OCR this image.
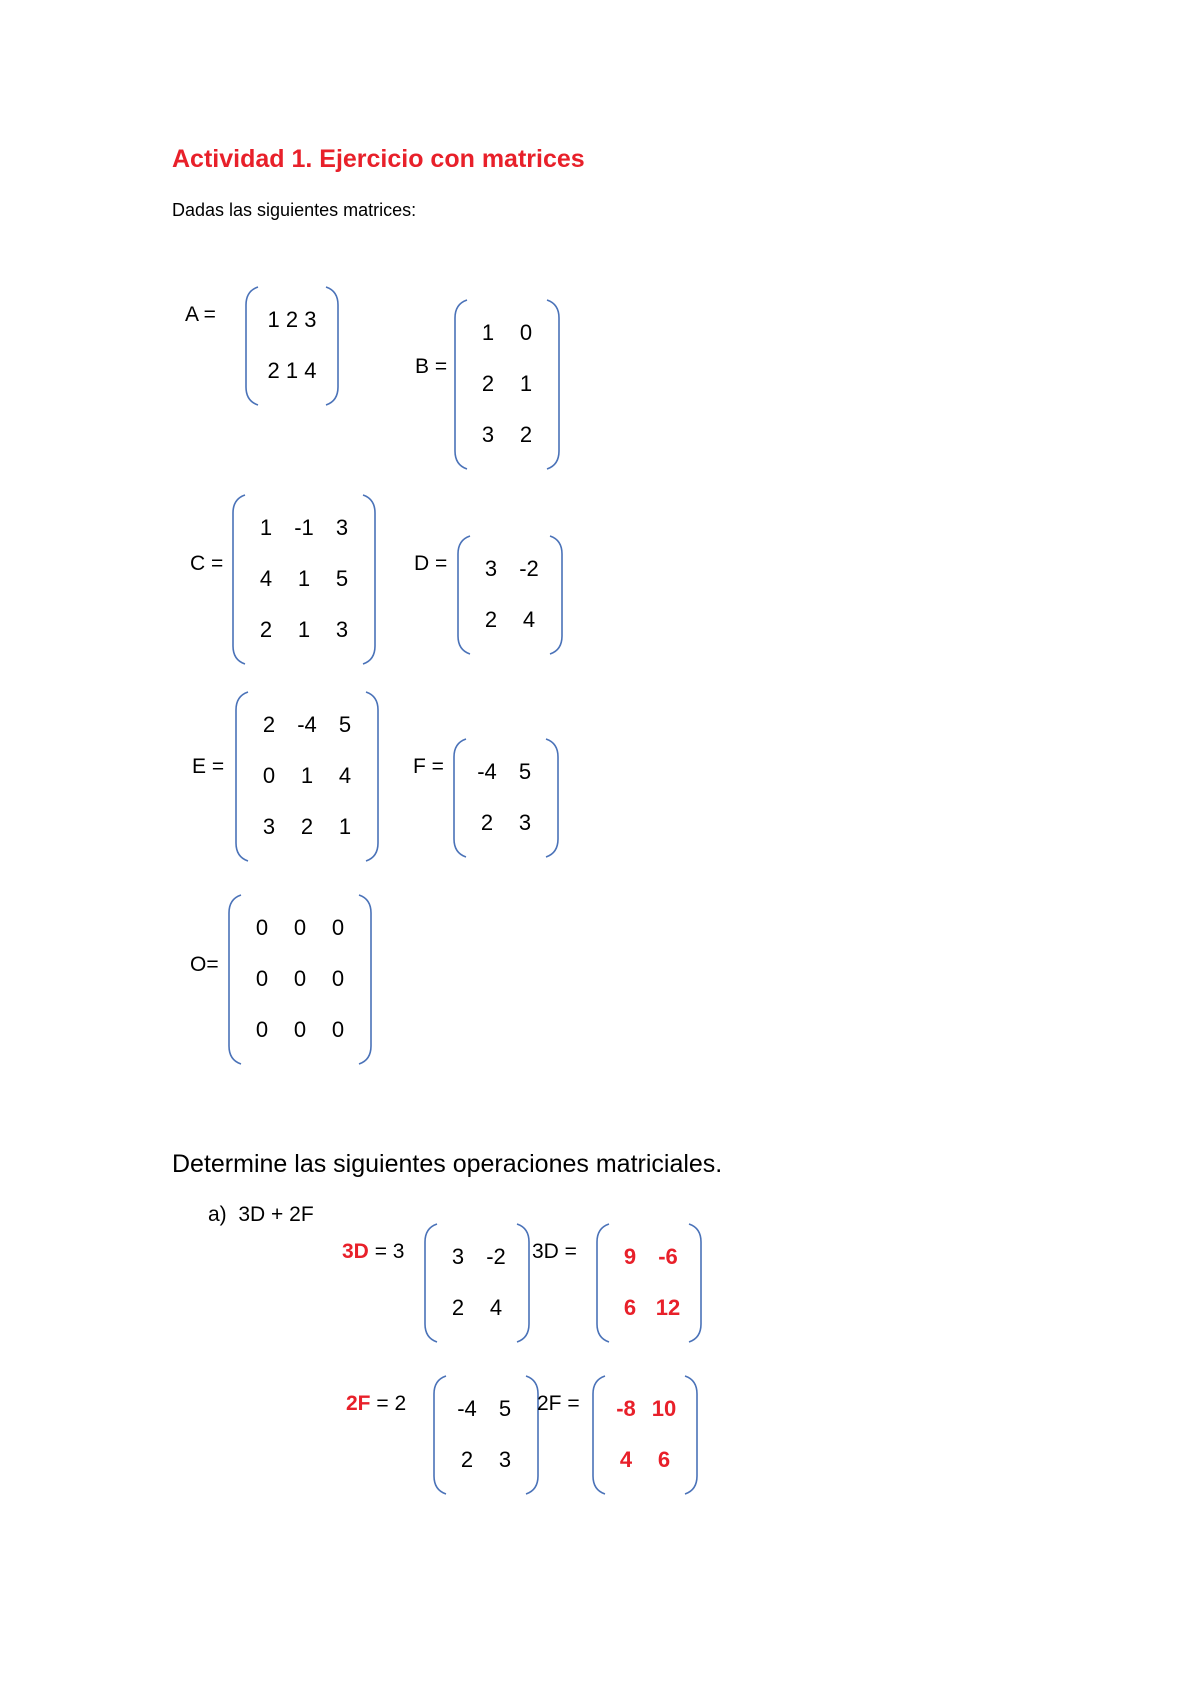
Actividad 1. Ejercicio con matrices
Dadas las siguientes matrices:
A =
B =
C =	D =
E =	F =
O=
1 2 3
2 1 4
1	0
2	1
3	2
1	-1	3
4	1	5
2	1	3
3	-2
2	4
2	-4	5
0	1	4
3	2	1
-4	5
2	3
0	0	0
0	0	0
0	0	0
Determine las siguientes operaciones matriciales.
a) 3D + 2F
3D = 3	3	-2
2	4
3D =	9	-6
6 12
2F = 2	-4	5
2	3
2F =	-8 10
4	6
